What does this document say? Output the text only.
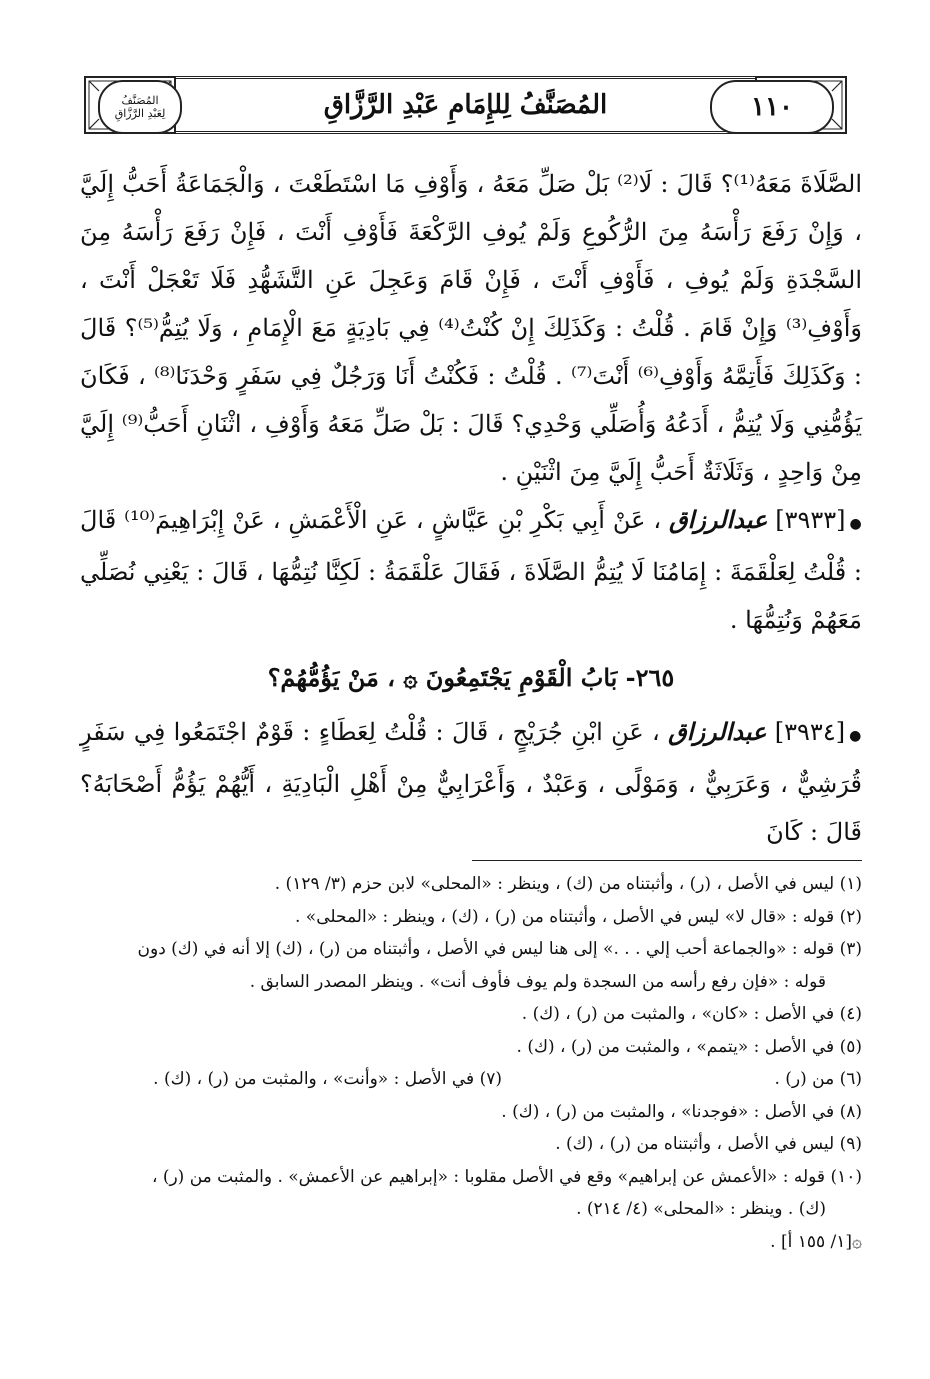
المُصَنَّفُ لِلإِمَامِ عَبْدِ الرَّزَّاقِ	١١٠
المُصَنَّفُ
لِعَبْدِ الرَّزَّاقِ

الصَّلَاةَ مَعَهُ⁽¹⁾؟ قَالَ : لَا⁽²⁾ بَلْ صَلِّ مَعَهُ ، وَأَوْفِ مَا اسْتَطَعْتَ ، وَالْجَمَاعَةُ أَحَبُّ إِلَيَّ ، وَإِنْ رَفَعَ رَأْسَهُ مِنَ الرُّكُوعِ وَلَمْ يُوفِ الرَّكْعَةَ فَأَوْفِ أَنْتَ ، فَإِنْ رَفَعَ رَأْسَهُ مِنَ السَّجْدَةِ وَلَمْ يُوفِ ، فَأَوْفِ أَنْتَ ، فَإِنْ قَامَ وَعَجِلَ عَنِ التَّشَهُّدِ فَلَا تَعْجَلْ أَنْتَ ، وَأَوْفِ⁽³⁾ وَإِنْ قَامَ . قُلْتُ : وَكَذَلِكَ إِنْ كُنْتُ⁽⁴⁾ فِي بَادِيَةٍ مَعَ الْإِمَامِ ، وَلَا يُتِمُّ⁽⁵⁾؟ قَالَ : وَكَذَلِكَ فَأَتِمَّهُ وَأَوْفِ⁽⁶⁾ أَنْتَ⁽⁷⁾ . قُلْتُ : فَكُنْتُ أَنَا وَرَجُلٌ فِي سَفَرٍ وَحْدَنَا⁽⁸⁾ ، فَكَانَ يَؤُمُّنِي وَلَا يُتِمُّ ، أَدَعُهُ وَأُصَلِّي وَحْدِي؟ قَالَ : بَلْ صَلِّ مَعَهُ وَأَوْفِ ، اثْنَانِ أَحَبُّ⁽⁹⁾ إِلَيَّ مِنْ وَاحِدٍ ، وَثَلَاثَةٌ أَحَبُّ إِلَيَّ مِنَ اثْنَيْنِ .

●[٣٩٣٣] عبدالرزاق ، عَنْ أَبِي بَكْرِ بْنِ عَيَّاشٍ ، عَنِ الْأَعْمَشِ ، عَنْ إِبْرَاهِيمَ⁽¹⁰⁾ قَالَ : قُلْتُ لِعَلْقَمَةَ : إِمَامُنَا لَا يُتِمُّ الصَّلَاةَ ، فَقَالَ عَلْقَمَةُ : لَكِنَّا نُتِمُّهَا ، قَالَ : يَعْنِي نُصَلِّي مَعَهُمْ وَنُتِمُّهَا .

٢٦٥- بَابُ الْقَوْمِ يَجْتَمِعُونَ ۞ ، مَنْ يَؤُمُّهُمْ؟

●[٣٩٣٤] عبدالرزاق ، عَنِ ابْنِ جُرَيْجٍ ، قَالَ : قُلْتُ لِعَطَاءٍ : قَوْمٌ اجْتَمَعُوا فِي سَفَرٍ قُرَشِيٌّ ، وَعَرَبِيٌّ ، وَمَوْلًى ، وَعَبْدٌ ، وَأَعْرَابِيٌّ مِنْ أَهْلِ الْبَادِيَةِ ، أَيُّهُمْ يَؤُمُّ أَصْحَابَهُ؟ قَالَ : كَانَ

(١) ليس في الأصل ، (ر) ، وأثبتناه من (ك) ، وينظر : «المحلى» لابن حزم (٣/ ١٢٩) .

(٢) قوله : «قال لا» ليس في الأصل ، وأثبتناه من (ر) ، (ك) ، وينظر : «المحلى» .

(٣) قوله : «والجماعة أحب إلي . . .» إلى هنا ليس في الأصل ، وأثبتناه من (ر) ، (ك) إلا أنه في (ك) دون

قوله : «فإن رفع رأسه من السجدة ولم يوف فأوف أنت» . وينظر المصدر السابق .

(٤) في الأصل : «كان» ، والمثبت من (ر) ، (ك) .

(٥) في الأصل : «يتمم» ، والمثبت من (ر) ، (ك) .

(٦) من (ر) .
(٧) في الأصل : «وأنت» ، والمثبت من (ر) ، (ك) .

(٨) في الأصل : «فوجدنا» ، والمثبت من (ر) ، (ك) .

(٩) ليس في الأصل ، وأثبتناه من (ر) ، (ك) .

(١٠) قوله : «الأعمش عن إبراهيم» وقع في الأصل مقلوبا : «إبراهيم عن الأعمش» . والمثبت من (ر) ،

(ك) . وينظر : «المحلى» (٤/ ٢١٤) .

۞[١/ ١٥٥ أ] .
